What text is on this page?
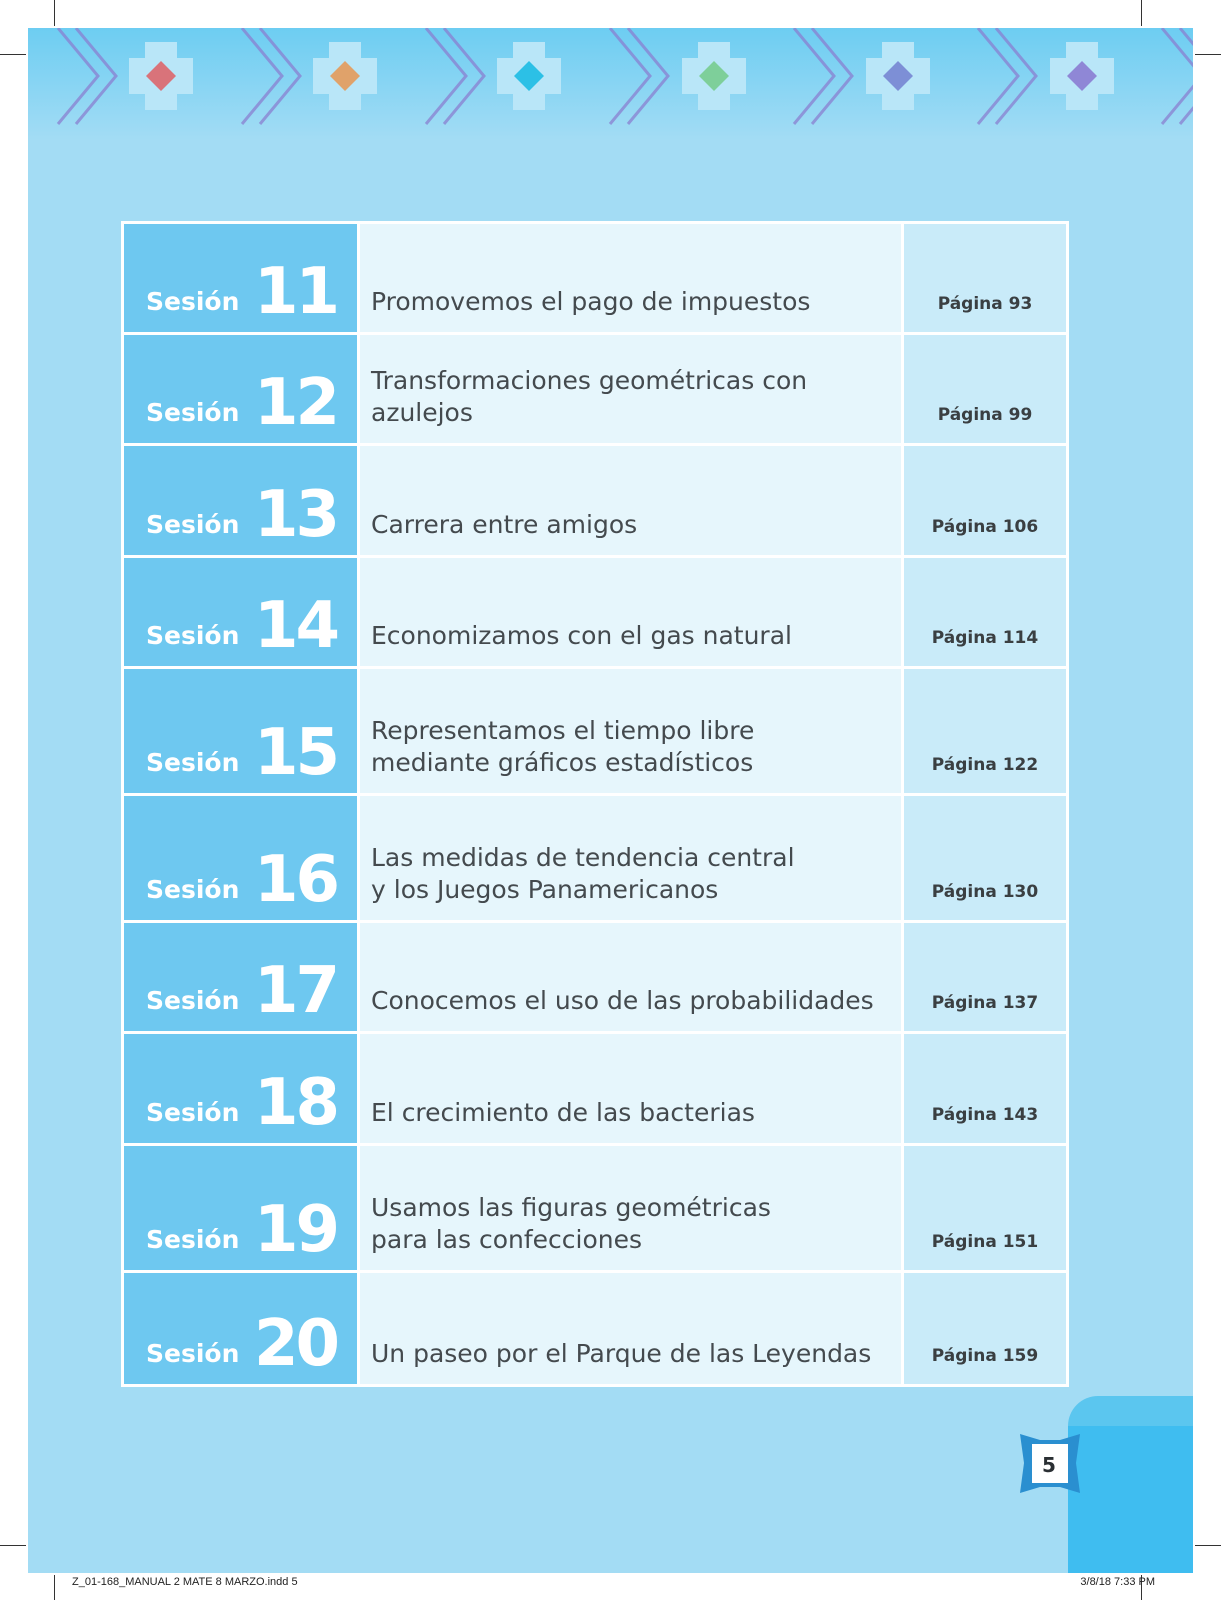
Sesión 11 Promovemos el pago de impuestos	Página 93
Sesión 12 Transformaciones geométricas con azulejos	Página 99
Sesión 13 Carrera entre amigos	Página 106
Sesión 14 Economizamos con el gas natural	Página 114
Sesión 15 Representamos el tiempo libre
mediante gráficos estadísticos	Página 122
Sesión 16 Las medidas de tendencia central
y los Juegos Panamericanos	Página 130
Sesión 17 Conocemos el uso de las probabilidades	Página 137
Sesión 18 El crecimiento de las bacterias	Página 143
Sesión 19 Usamos las figuras geométricas
para las confecciones	Página 151
Sesión 20 Un paseo por el Parque de las Leyendas	Página 159
5
Z_01-168_MANUAL 2 MATE 8 MARZO.indd 5	3/8/18 7:33 PM
